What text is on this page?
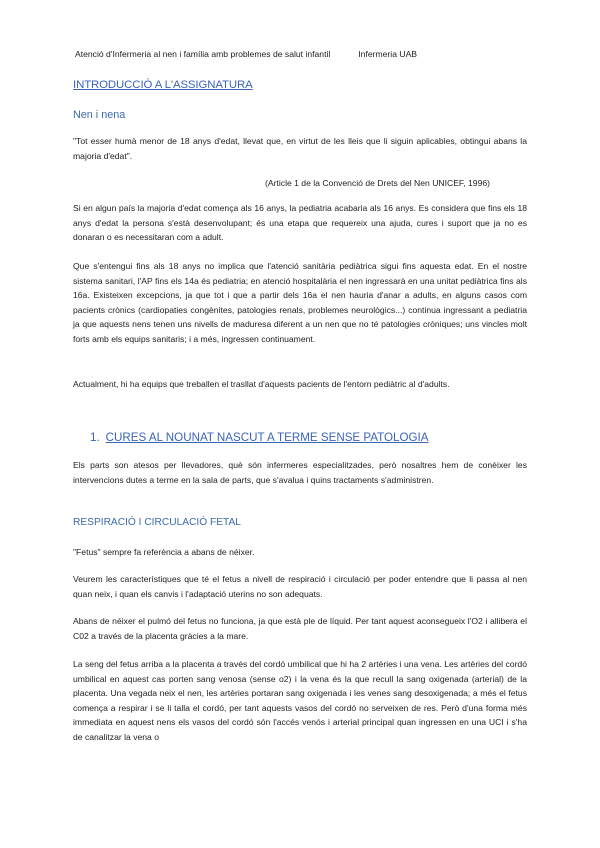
Atenció d'Infermeria al nen i família amb problemes de salut infantil	Infermeria UAB
INTRODUCCIÓ A L'ASSIGNATURA
Nen i nena
"Tot esser humà menor de 18 anys d'edat, llevat que, en virtut de les lleis que li siguin aplicables, obtingui abans la majoria d'edat".
(Article 1 de la Convenció de Drets del Nen UNICEF, 1996)
Si en algun país la majoria d'edat comença als 16 anys, la pediatria acabaria als 16 anys. Es considera que fins els 18 anys d'edat la persona s'està desenvolupant; és una etapa que requereix una ajuda, cures i suport que ja no es donaran o es necessitaran com a adult.
Que s'entengui fins als 18 anys no implica que l'atenció sanitària pediàtrica sigui fins aquesta edat. En el nostre sistema sanitari, l'AP fins els 14a és pediatria; en atenció hospitalària el nen ingressarà en una unitat pediàtrica fins als 16a. Existeixen excepcions, ja que tot i que a partir dels 16a el nen hauria d'anar a adults, en alguns casos com pacients crònics (cardiopaties congènites, patologies renals, problemes neurològics...) continua ingressant a pediatria ja que aquests nens tenen uns nivells de maduresa diferent a un nen que no té patologies cròniques; uns vincles molt forts amb els equips sanitaris; i a més, ingressen continuament.
Actualment, hi ha equips que treballen el trasllat d'aquests pacients de l'entorn pediàtric al d'adults.
1. CURES AL NOUNAT NASCUT A TERME SENSE PATOLOGIA
Els parts son atesos per llevadores, què són infermeres especialitzades, però nosaltres hem de conèixer les intervencions dutes a terme en la sala de parts, que s'avalua i quins tractaments s'administren.
RESPIRACIÓ I CIRCULACIÓ FETAL
"Fetus" sempre fa referència a abans de néixer.
Veurem les característiques que té el fetus a nivell de respiració i circulació per poder entendre que li passa al nen quan neix, i quan els canvis i l'adaptació uterins no son adequats.
Abans de néixer el pulmó del fetus no funciona, ja que està ple de líquid. Per tant aquest aconsegueix l'O2 i allibera el C02 a través de la placenta gràcies a la mare.
La seng del fetus arriba a la placenta a través del cordó umbilical que hi ha 2 artèries i una vena. Les artèries del cordó umbilical en aquest cas porten sang venosa (sense o2) i la vena és la que recull la sang oxigenada (arterial) de la placenta. Una vegada neix el nen, les artèries portaran sang oxigenada i les venes sang desoxigenada; a més el fetus comença a respirar i se li talla el cordó, per tant aquests vasos del cordó no serveixen de res. Però d'una forma més immediata en aquest nens els vasos del cordó són l'accés venós i arterial principal quan ingressen en una UCI i s'ha de canalitzar la vena o
